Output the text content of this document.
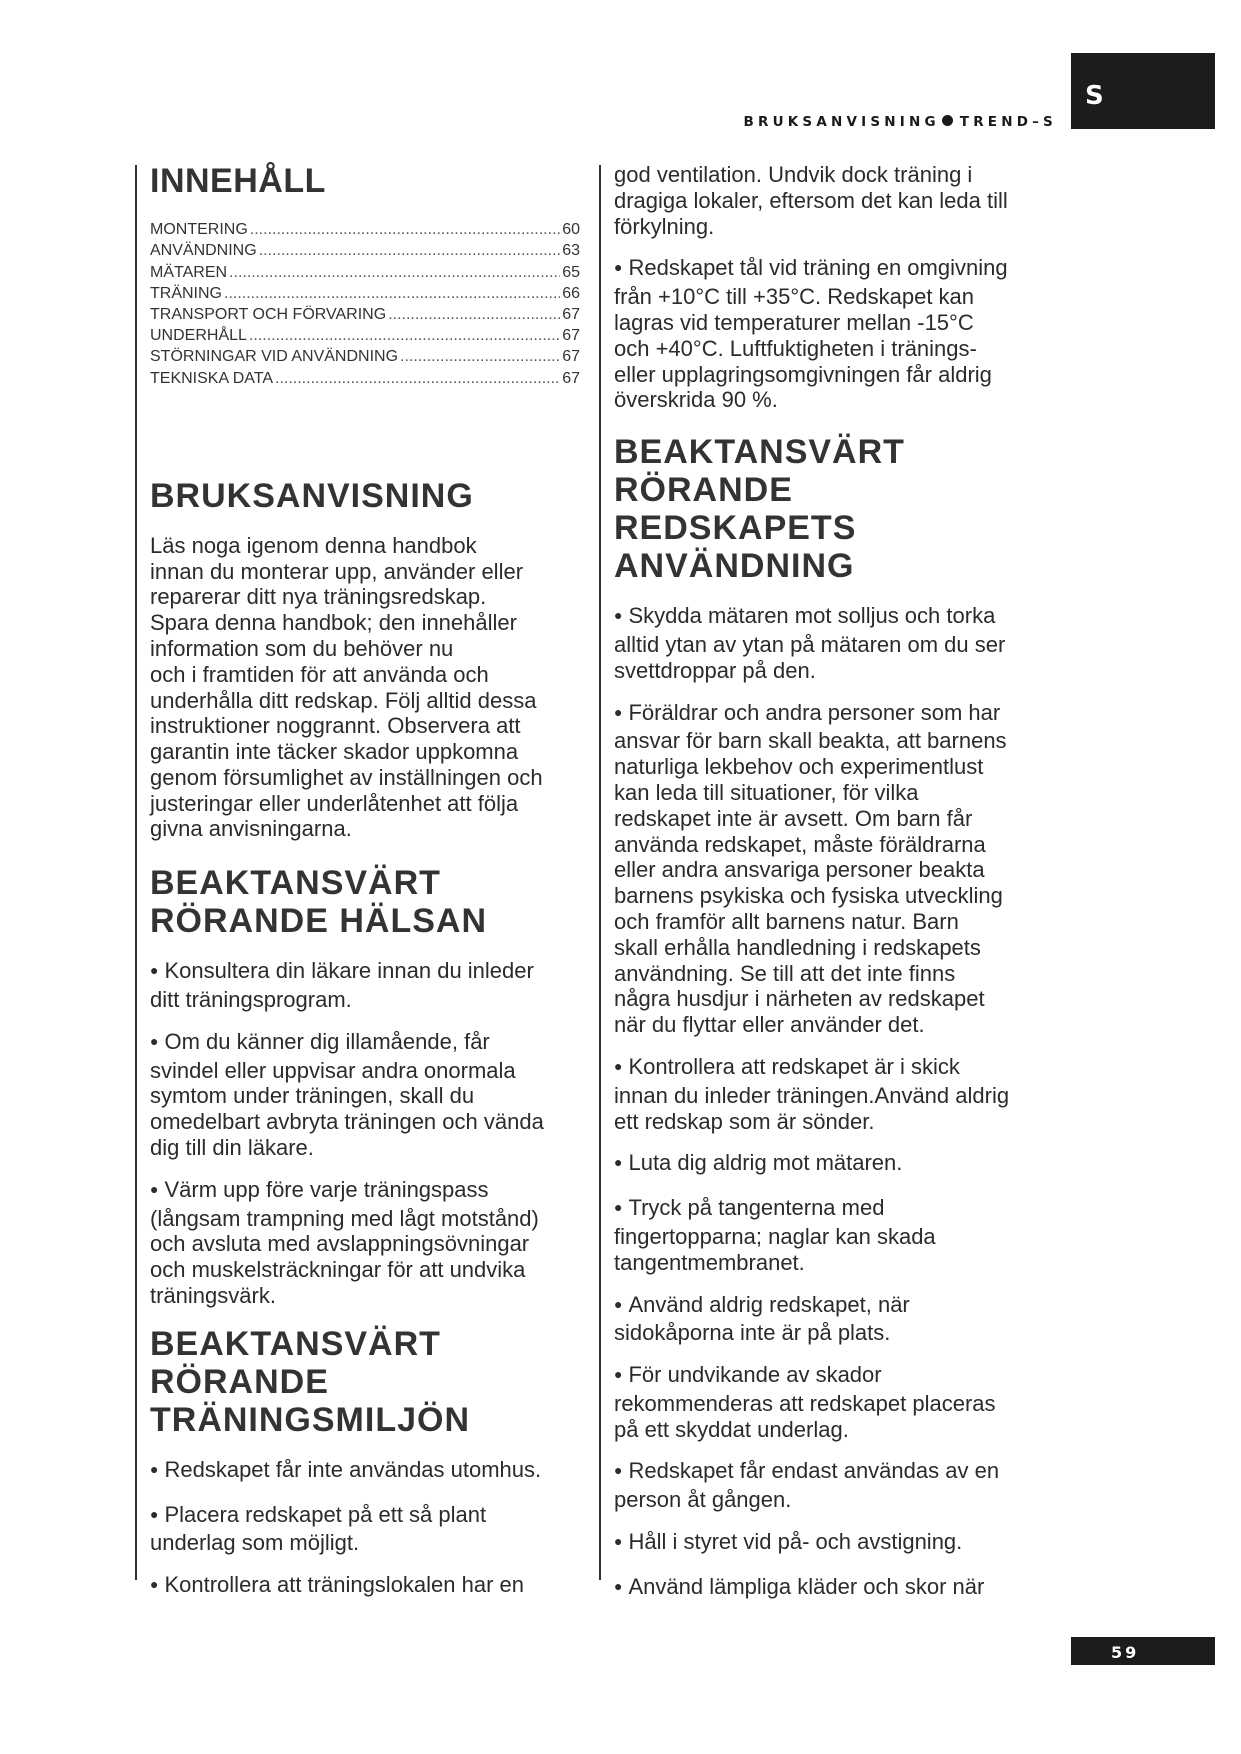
S
BRUKSANVISNING TREND–S
INNEHÅLL
MONTERING .....	60
ANVÄNDNING .....	63
MÄTAREN .....	65
TRÄNING .....	66
TRANSPORT OCH FÖRVARING .....	67
UNDERHÅLL .....	67
STÖRNINGAR VID ANVÄNDNING .....	67
TEKNISKA DATA .....	67
BRUKSANVISNING

Läs noga igenom denna handbok
innan du monterar upp, använder eller
reparerar ditt nya träningsredskap.
Spara denna handbok; den innehåller
information som du behöver nu
och i framtiden för att använda och
underhålla ditt redskap. Följ alltid dessa
instruktioner noggrannt. Observera att
garantin inte täcker skador uppkomna
genom försumlighet av inställningen och
justeringar eller underlåtenhet att följa
givna anvisningarna.

BEAKTANSVÄRT
RÖRANDE HÄLSAN

● Konsultera din läkare innan du inleder
ditt träningsprogram.

● Om du känner dig illamående, får
svindel eller uppvisar andra onormala
symtom under träningen, skall du
omedelbart avbryta träningen och vända
dig till din läkare.

● Värm upp före varje träningspass
(långsam trampning med lågt motstånd)
och avsluta med avslappningsövningar
och muskelsträckningar för att undvika
träningsvärk.

BEAKTANSVÄRT
RÖRANDE
TRÄNINGSMILJÖN

● Redskapet får inte användas utomhus.

● Placera redskapet på ett så plant
underlag som möjligt.

● Kontrollera att träningslokalen har en

god ventilation. Undvik dock träning i
dragiga lokaler, eftersom det kan leda till
förkylning.

● Redskapet tål vid träning en omgivning
från +10°C till +35°C. Redskapet kan
lagras vid temperaturer mellan -15°C
och +40°C. Luftfuktigheten i tränings-
eller upplagringsomgivningen får aldrig
överskrida 90 %.

BEAKTANSVÄRT
RÖRANDE
REDSKAPETS
ANVÄNDNING

● Skydda mätaren mot solljus och torka
alltid ytan av ytan på mätaren om du ser
svettdroppar på den.

● Föräldrar och andra personer som har
ansvar för barn skall beakta, att barnens
naturliga lekbehov och experimentlust
kan leda till situationer, för vilka
redskapet inte är avsett. Om barn får
använda redskapet, måste föräldrarna
eller andra ansvariga personer beakta
barnens psykiska och fysiska utveckling
och framför allt barnens natur. Barn
skall erhålla handledning i redskapets
användning. Se till att det inte finns
några husdjur i närheten av redskapet
när du flyttar eller använder det.

● Kontrollera att redskapet är i skick
innan du inleder träningen.Använd aldrig
ett redskap som är sönder.

● Luta dig aldrig mot mätaren.

● Tryck på tangenterna med
fingertopparna; naglar kan skada
tangentmembranet.

● Använd aldrig redskapet, när
sidokåporna inte är på plats.

● För undvikande av skador
rekommenderas att redskapet placeras
på ett skyddat underlag.

● Redskapet får endast användas av en
person åt gången.

● Håll i styret vid på- och avstigning.

● Använd lämpliga kläder och skor när

59
